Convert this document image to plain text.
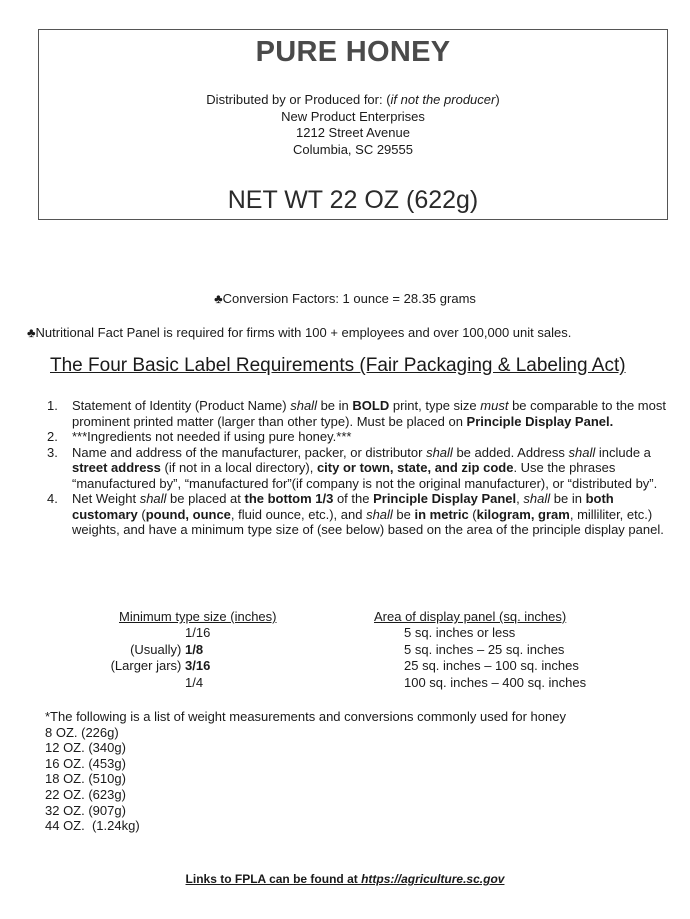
PURE HONEY
Distributed by or Produced for: (if not the producer)
New Product Enterprises
1212 Street Avenue
Columbia, SC 29555
NET WT 22 OZ (622g)
♣Conversion Factors: 1 ounce = 28.35 grams
♣Nutritional Fact Panel is required for firms with 100 + employees and over 100,000 unit sales.
The Four Basic Label Requirements (Fair Packaging & Labeling Act)
1. Statement of Identity (Product Name) shall be in BOLD print, type size must be comparable to the most prominent printed matter (larger than other type). Must be placed on Principle Display Panel.
2. ***Ingredients not needed if using pure honey.***
3. Name and address of the manufacturer, packer, or distributor shall be added. Address shall include a street address (if not in a local directory), city or town, state, and zip code. Use the phrases “manufactured by”, “manufactured for”(if company is not the original manufacturer), or “distributed by”.
4. Net Weight shall be placed at the bottom 1/3 of the Principle Display Panel, shall be in both customary (pound, ounce, fluid ounce, etc.), and shall be in metric (kilogram, gram, milliliter, etc.) weights, and have a minimum type size of (see below) based on the area of the principle display panel.
Minimum type size (inches)	Area of display panel (sq. inches)
1/16
(Usually) 1/8
(Larger jars) 3/16
1/4
5 sq. inches or less
5 sq. inches – 25 sq. inches
25 sq. inches – 100 sq. inches
100 sq. inches – 400 sq. inches
*The following is a list of weight measurements and conversions commonly used for honey
8 OZ. (226g)
12 OZ. (340g)
16 OZ. (453g)
18 OZ. (510g)
22 OZ. (623g)
32 OZ. (907g)
44 OZ.  (1.24kg)
Links to FPLA can be found at https://agriculture.sc.gov
